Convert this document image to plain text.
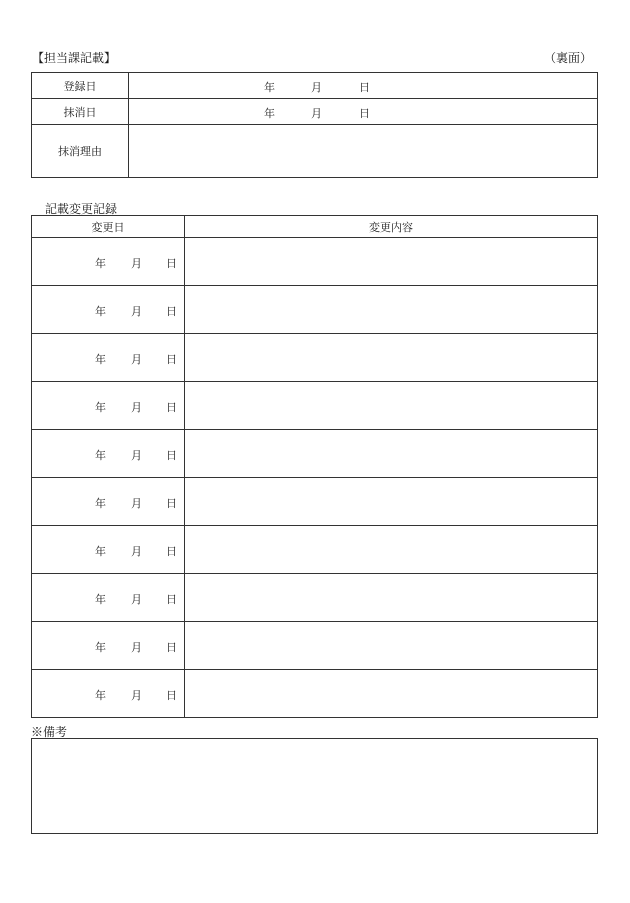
【担当課記載】	（裏面）
登録日	年 月 日

抹消日	年 月 日

抹消理由	
記載変更記録
変更日	変更内容

年 月 日	

年 月 日	

年 月 日	

年 月 日	

年 月 日	

年 月 日	

年 月 日	

年 月 日	

年 月 日	

年 月 日	

※備考
